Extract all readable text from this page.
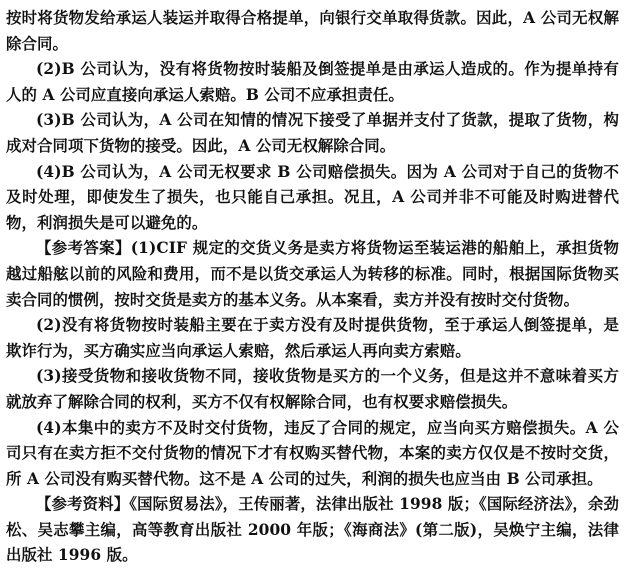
按时将货物发给承运人装运并取得合格提单，向银行交单取得货款。因此，A 公司无权解除合同。

(2)B 公司认为，没有将货物按时装船及倒签提单是由承运人造成的。作为提单持有人的 A 公司应直接向承运人索赔。B 公司不应承担责任。

(3)B 公司认为，A 公司在知情的情况下接受了单据并支付了货款，提取了货物，构成对合同项下货物的接受。因此，A 公司无权解除合同。

(4)B 公司认为，A 公司无权要求 B 公司赔偿损失。因为 A 公司对于自己的货物不及时处理，即使发生了损失，也只能自己承担。况且，A 公司并非不可能及时购进替代物，利润损失是可以避免的。

【参考答案】(1)CIF 规定的交货义务是卖方将货物运至装运港的船舶上，承担货物越过船舷以前的风险和费用，而不是以货交承运人为转移的标准。同时，根据国际货物买卖合同的惯例，按时交货是卖方的基本义务。从本案看，卖方并没有按时交付货物。

(2)没有将货物按时装船主要在于卖方没有及时提供货物，至于承运人倒签提单，是欺诈行为，买方确实应当向承运人索赔，然后承运人再向卖方索赔。

(3)接受货物和接收货物不同，接收货物是买方的一个义务，但是这并不意味着买方就放弃了解除合同的权利，买方不仅有权解除合同，也有权要求赔偿损失。

(4)本集中的卖方不及时交付货物，违反了合同的规定，应当向买方赔偿损失。A 公司只有在卖方拒不交付货物的情况下才有权购买替代物，本案的卖方仅仅是不按时交货，所 A 公司没有购买替代物。这不是 A 公司的过失，利润的损失也应当由 B 公司承担。

【参考资料】《国际贸易法》，王传丽著，法律出版社 1998 版；《国际经济法》，余劲松、吴志攀主编，高等教育出版社 2000 年版；《海商法》(第二版)，吴焕宁主编，法律出版社 1996 版。
